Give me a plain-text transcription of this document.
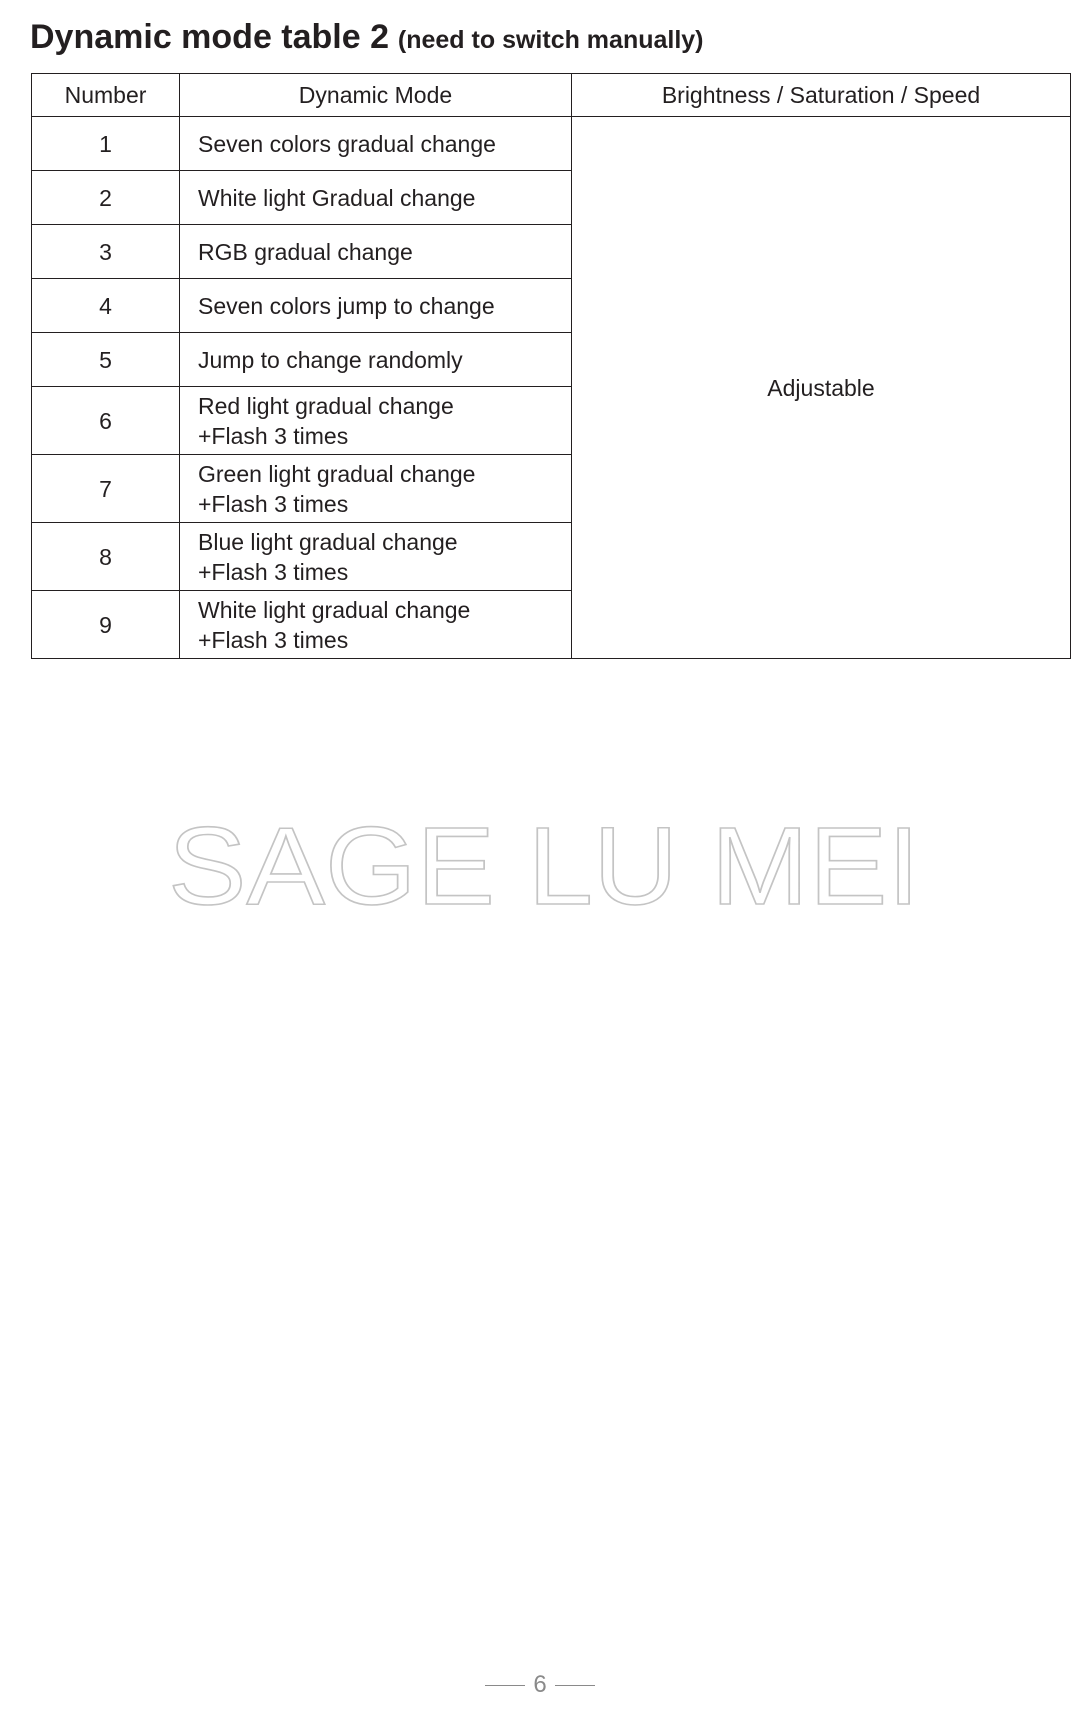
Dynamic mode table 2 (need to switch manually)
Number	Dynamic Mode	Brightness / Saturation / Speed
1	Seven colors gradual change	Adjustable
2	White light Gradual change	
3	RGB gradual change	
4	Seven colors jump to change	
5	Jump to change randomly	
6	Red light gradual change
+Flash 3 times	

7	Green light gradual change
+Flash 3 times	

8	Blue light gradual change
+Flash 3 times	

9	White light gradual change
+Flash 3 times	
SAGE LU MEI
6
